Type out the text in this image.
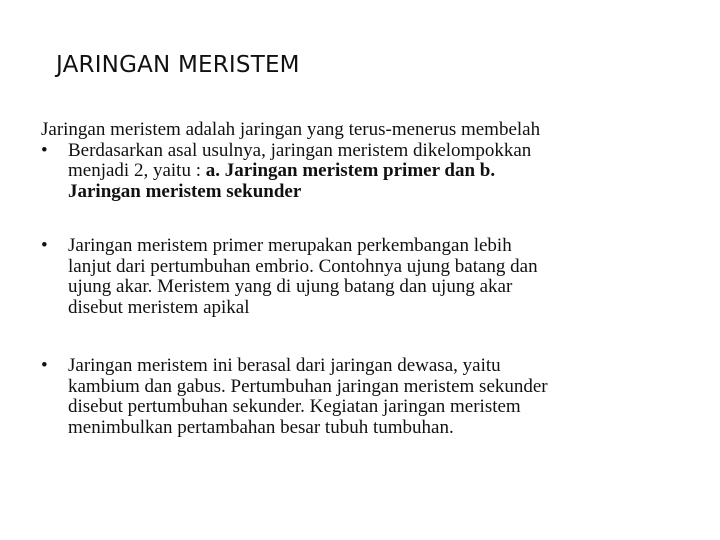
JARINGAN MERISTEM

Jaringan meristem adalah jaringan yang terus-menerus membelah

• Berdasarkan asal usulnya, jaringan meristem dikelompokkan
menjadi 2, yaitu : a. Jaringan meristem primer dan b.
Jaringan meristem sekunder
• Jaringan meristem primer merupakan perkembangan lebih
lanjut dari pertumbuhan embrio. Contohnya ujung batang dan
ujung akar. Meristem yang di ujung batang dan ujung akar
disebut meristem apikal
• Jaringan meristem ini berasal dari jaringan dewasa, yaitu
kambium dan gabus. Pertumbuhan jaringan meristem sekunder
disebut pertumbuhan sekunder. Kegiatan jaringan meristem
menimbulkan pertambahan besar tubuh tumbuhan.
